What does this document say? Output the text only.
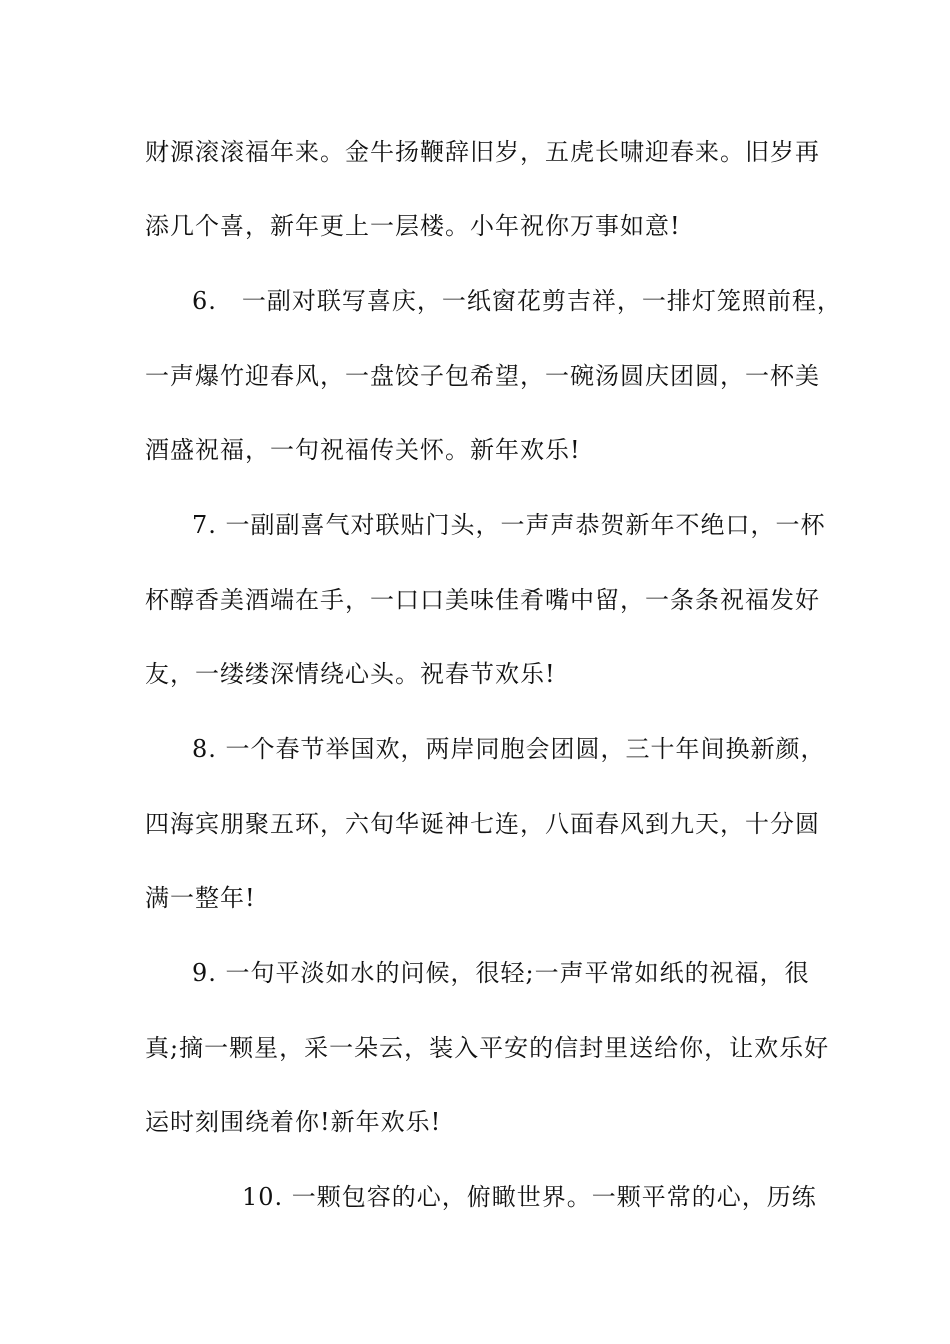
财源滚滚福年来。金牛扬鞭辞旧岁，五虎长啸迎春来。旧岁再
添几个喜，新年更上一层楼。小年祝你万事如意!
6.　一副对联写喜庆，一纸窗花剪吉祥，一排灯笼照前程，
一声爆竹迎春风，一盘饺子包希望，一碗汤圆庆团圆，一杯美
酒盛祝福，一句祝福传关怀。新年欢乐!
7. 一副副喜气对联贴门头，一声声恭贺新年不绝口，一杯
杯醇香美酒端在手，一口口美味佳肴嘴中留，一条条祝福发好
友，一缕缕深情绕心头。祝春节欢乐!
8. 一个春节举国欢，两岸同胞会团圆，三十年间换新颜，
四海宾朋聚五环，六旬华诞神七连，八面春风到九天，十分圆
满一整年!
9. 一句平淡如水的问候，很轻;一声平常如纸的祝福，很
真;摘一颗星，采一朵云，装入平安的信封里送给你，让欢乐好
运时刻围绕着你!新年欢乐!
10. 一颗包容的心，俯瞰世界。一颗平常的心，历练
